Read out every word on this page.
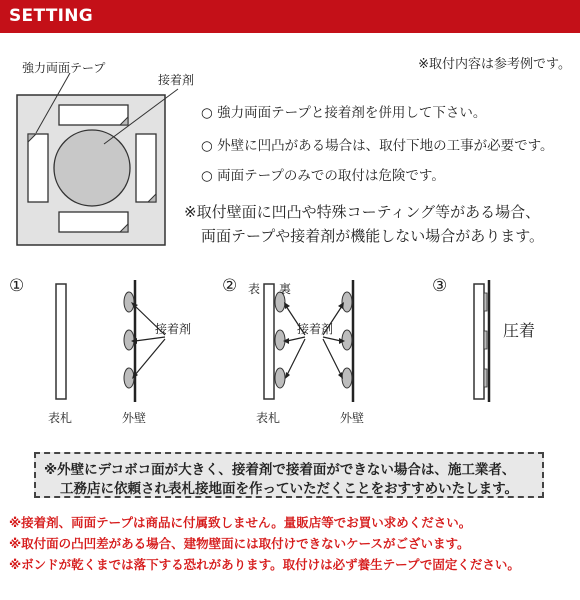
SETTING
強力両面テープ
接着剤
※取付内容は参考例です。
○ 強力両面テープと接着剤を併用して下さい。
○ 外壁に凹凸がある場合は、取付下地の工事が必要です。
○ 両面テープのみでの取付は危険です。
※取付壁面に凹凸や特殊コーティング等がある場合、
両面テープや接着剤が機能しない場合があります。
①
接着剤
表札	外壁
② 表 裏
接着剤
表札	外壁
③
圧着
※外壁にデコボコ面が大きく、接着剤で接着面ができない場合は、施工業者、
工務店に依頼され表札接地面を作っていただくことをおすすめいたします。
※接着剤、両面テープは商品に付属致しません。量販店等でお買い求めください。
※取付面の凸凹差がある場合、建物壁面には取付けできないケースがございます。
※ボンドが乾くまでは落下する恐れがあります。取付けは必ず養生テープで固定ください。
